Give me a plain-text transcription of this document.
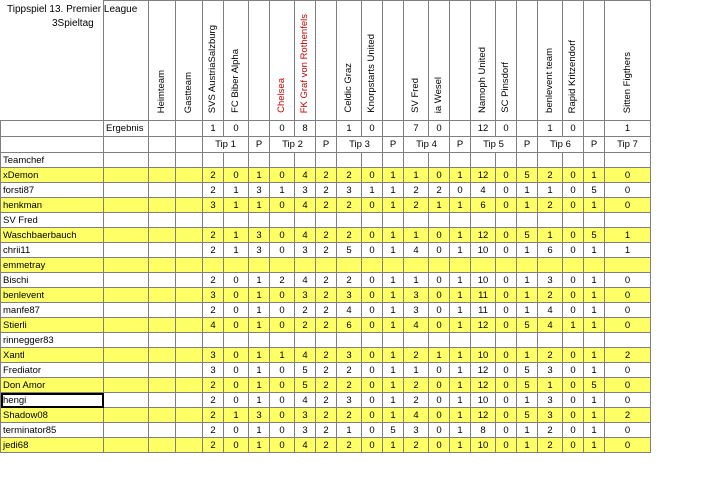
Tippspiel 13. Premier League
3Spieltag
		Heimteam	Gastteam	SVS AustriaSalzburg	FC Biber Alpha		Chelsea	FK Graf von Rothenfels		Celdic Graz	Knorpstarts United		SV Fred	ia Wesel		Namoph United	SC Pinsdorf		benlevent team	Rapid Kritzendorf		Sitten Figthers			
	Ergebnis			1	0		0	8		1	0		7	0		12	0		1	0		1			
				Tip 1		P	Tip 2		P	Tip 3		P	Tip 4		P	Tip 5		P	Tip 6		P	Tip 7		
Teamchef																							
xDemon				2	0	1	0	4	2	2	0	1	1	0	1	12	0	5	2	0	1	0			
forsti87				2	1	3	1	3	2	3	1	1	2	2	0	4	0	1	1	0	5	0			
henkman				3	1	1	0	4	2	2	0	1	2	1	1	6	0	1	2	0	1	0			
SV Fred																									
Waschbaerbauch				2	1	3	0	4	2	2	0	1	1	0	1	12	0	5	1	0	5	1			
chrii11				2	1	3	0	3	2	5	0	1	4	0	1	10	0	1	6	0	1	1			
emmetray																									
Bischi				2	0	1	2	4	2	2	0	1	1	0	1	10	0	1	3	0	1	0			
benlevent				3	0	1	0	3	2	3	0	1	3	0	1	11	0	1	2	0	1	0			
manfe87				2	0	1	0	2	2	4	0	1	3	0	1	11	0	1	4	0	1	0			
Stierli				4	0	1	0	2	2	6	0	1	4	0	1	12	0	5	4	1	1	0			
rinnegger83																									
Xantl				3	0	1	1	4	2	3	0	1	2	1	1	10	0	1	2	0	1	2			
Frediator				3	0	1	0	5	2	2	0	1	1	0	1	12	0	5	3	0	1	0			
Don Amor				2	0	1	0	5	2	2	0	1	2	0	1	12	0	5	1	0	5	0			
hengi				2	0	1	0	4	2	3	0	1	2	0	1	10	0	1	3	0	1	0			
Shadow08				2	1	3	0	3	2	2	0	1	4	0	1	12	0	5	3	0	1	2			
terminator85				2	0	1	0	3	2	1	0	5	3	0	1	8	0	1	2	0	1	0			
jedi68				2	0	1	0	4	2	2	0	1	2	0	1	10	0	1	2	0	1	0			
